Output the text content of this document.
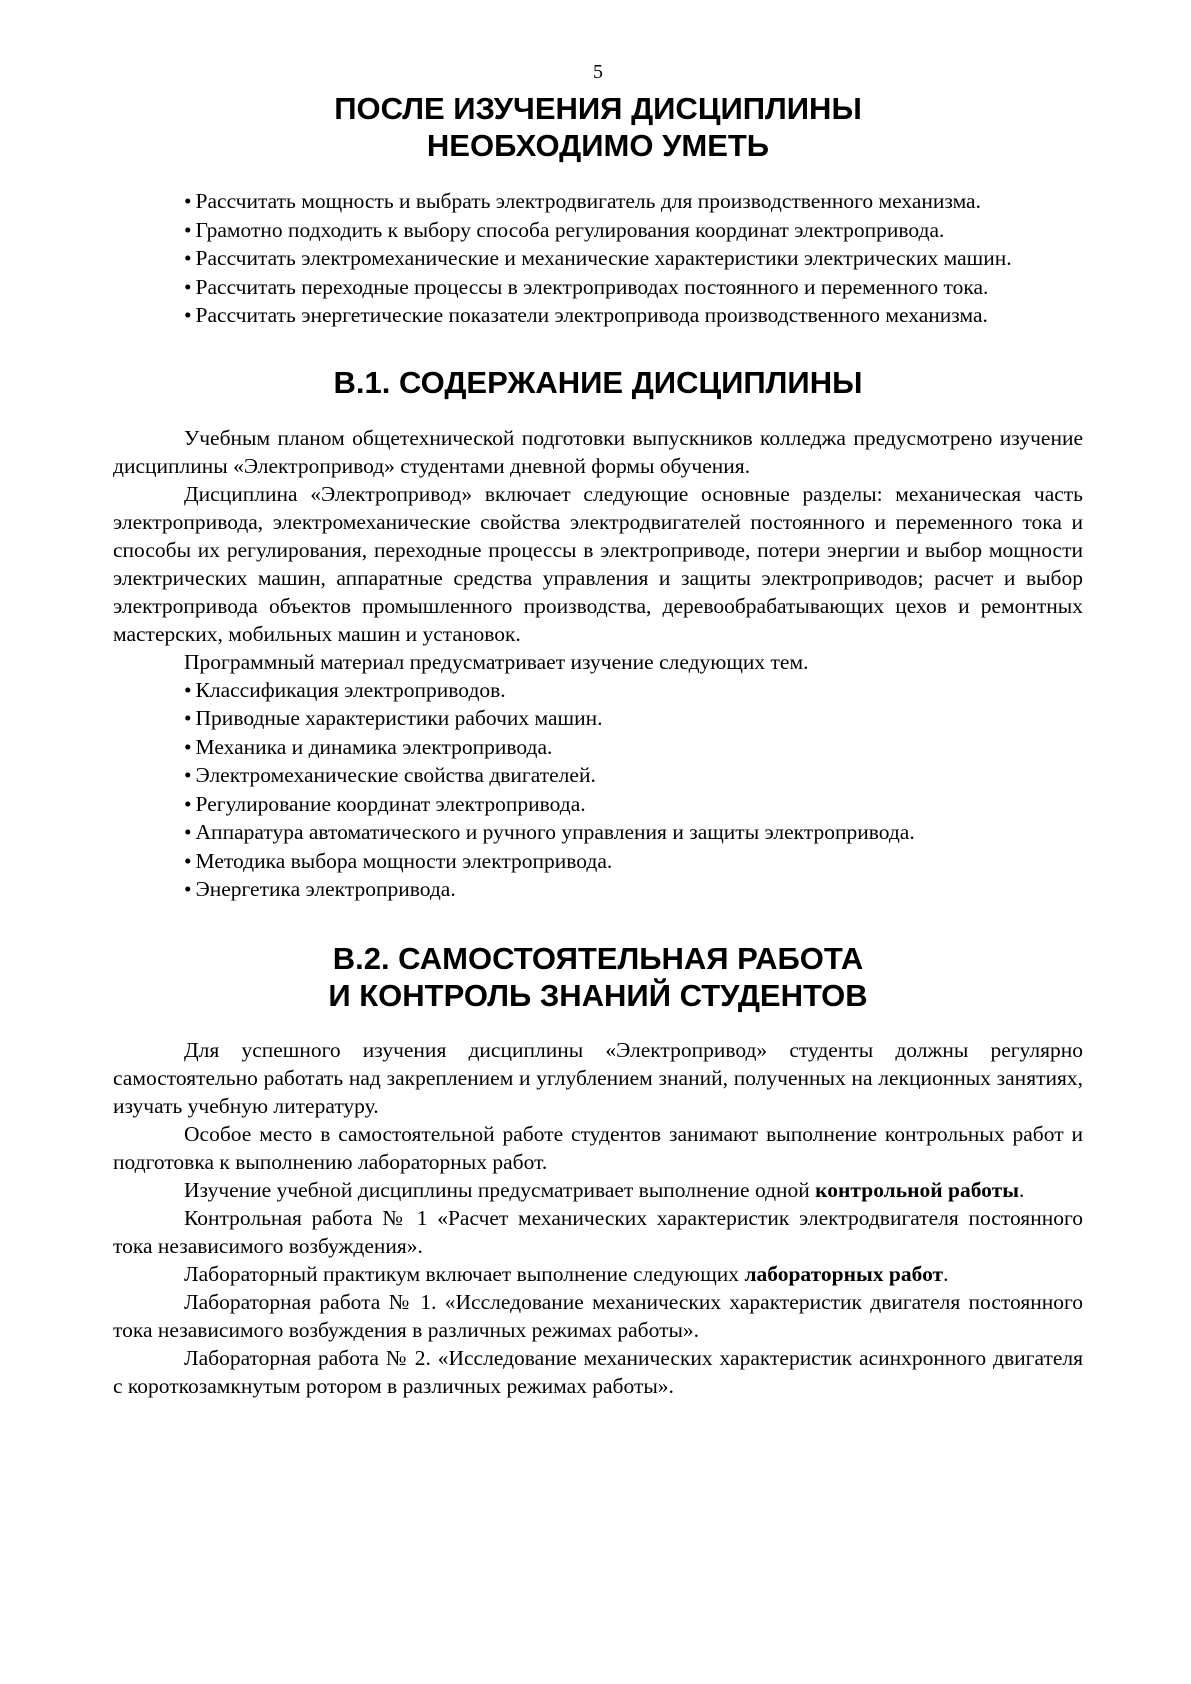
5
ПОСЛЕ ИЗУЧЕНИЯ ДИСЦИПЛИНЫ
НЕОБХОДИМО УМЕТЬ
• Рассчитать мощность и выбрать электродвигатель для производственного механизма.
• Грамотно подходить к выбору способа регулирования координат электропривода.
• Рассчитать электромеханические и механические характеристики электрических машин.
• Рассчитать переходные процессы в электроприводах постоянного и переменного тока.
• Рассчитать энергетические показатели электропривода производственного механизма.
В.1. СОДЕРЖАНИЕ ДИСЦИПЛИНЫ

Учебным планом общетехнической подготовки выпускников колледжа предусмотрено изучение дисциплины «Электропривод» студентами дневной формы обучения.

Дисциплина «Электропривод» включает следующие основные разделы: механическая часть электропривода, электромеханические свойства электродвигателей постоянного и переменного тока и способы их регулирования, переходные процессы в электроприводе, потери энергии и выбор мощности электрических машин, аппаратные средства управления и защиты электроприводов; расчет и выбор электропривода объектов промышленного производства, деревообрабатывающих цехов и ремонтных мастерских, мобильных машин и установок.

Программный материал предусматривает изучение следующих тем.

• Классификация электроприводов.
• Приводные характеристики рабочих машин.
• Механика и динамика электропривода.
• Электромеханические свойства двигателей.
• Регулирование координат электропривода.
• Аппаратура автоматического и ручного управления и защиты электропривода.
• Методика выбора мощности электропривода.
• Энергетика электропривода.
В.2. САМОСТОЯТЕЛЬНАЯ РАБОТА
И КОНТРОЛЬ ЗНАНИЙ СТУДЕНТОВ

Для успешного изучения дисциплины «Электропривод» студенты должны регулярно самостоятельно работать над закреплением и углублением знаний, полученных на лекционных занятиях, изучать учебную литературу.

Особое место в самостоятельной работе студентов занимают выполнение контрольных работ и подготовка к выполнению лабораторных работ.

Изучение учебной дисциплины предусматривает выполнение одной контрольной работы.

Контрольная работа № 1 «Расчет механических характеристик электродвигателя постоянного тока независимого возбуждения».

Лабораторный практикум включает выполнение следующих лабораторных работ.

Лабораторная работа № 1. «Исследование механических характеристик двигателя постоянного тока независимого возбуждения в различных режимах работы».

Лабораторная работа № 2. «Исследование механических характеристик асинхронного двигателя с короткозамкнутым ротором в различных режимах работы».
